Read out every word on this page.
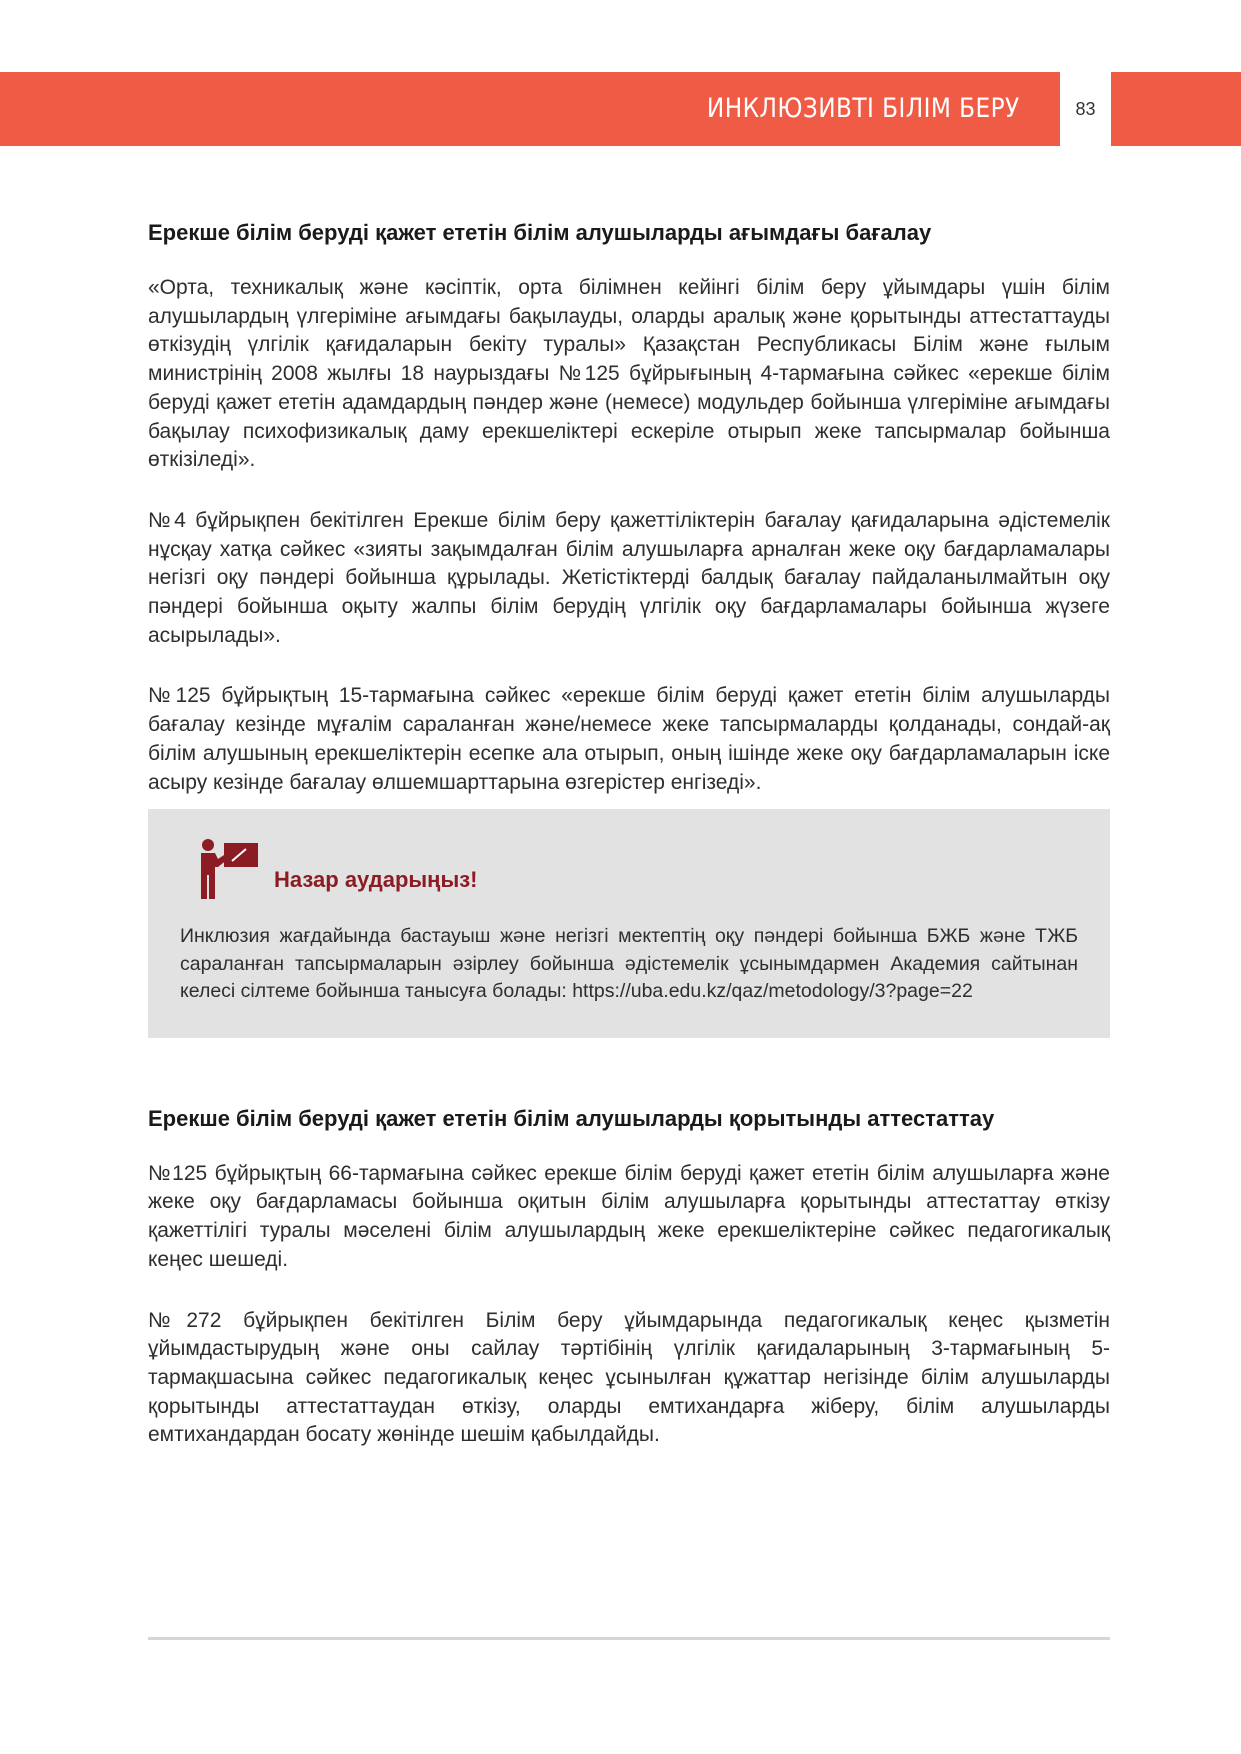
ИНКЛЮЗИВТІ БІЛІМ БЕРУ	83
Ерекше білім беруді қажет ететін білім алушыларды ағымдағы бағалау

«Орта, техникалық және кәсіптік, орта білімнен кейінгі білім беру ұйымдары үшін білім алушылардың үлгеріміне ағымдағы бақылауды, оларды аралық және қорытынды аттестаттауды өткізудің үлгілік қағидаларын бекіту туралы» Қазақстан Республикасы Білім және ғылым министрінің 2008 жылғы 18 наурыздағы №125 бұйрығының 4-тармағына сәйкес «ерекше білім беруді қажет ететін адамдардың пәндер және (немесе) модульдер бойынша үлгеріміне ағымдағы бақылау психофизикалық даму ерекшеліктері ескеріле отырып жеке тапсырмалар бойынша өткізіледі».

№4 бұйрықпен бекітілген Ерекше білім беру қажеттіліктерін бағалау қағидаларына әдістемелік нұсқау хатқа сәйкес «зияты зақымдалған білім алушыларға арналған жеке оқу бағдарламалары негізгі оқу пәндері бойынша құрылады. Жетістіктерді балдық бағалау пайдаланылмайтын оқу пәндері бойынша оқыту жалпы білім берудің үлгілік оқу бағдарламалары бойынша жүзеге асырылады».

№125 бұйрықтың 15-тармағына сәйкес «ерекше білім беруді қажет ететін білім алушыларды бағалау кезінде мұғалім сараланған және/немесе жеке тапсырмаларды қолданады, сондай-ақ білім алушының ерекшеліктерін есепке ала отырып, оның ішінде жеке оқу бағдарламаларын іске асыру кезінде бағалау өлшемшарттарына өзгерістер енгізеді».

Назар аударыңыз!

Инклюзия жағдайында бастауыш және негізгі мектептің оқу пәндері бойынша БЖБ және ТЖБ сараланған тапсырмаларын әзірлеу бойынша әдістемелік ұсынымдармен Академия сайтынан келесі сілтеме бойынша танысуға болады: https://uba.edu.kz/qaz/metodology/3?page=22

Ерекше білім беруді қажет ететін білім алушыларды қорытынды аттестаттау

№125 бұйрықтың 66-тармағына сәйкес ерекше білім беруді қажет ететін білім алушыларға және жеке оқу бағдарламасы бойынша оқитын білім алушыларға қорытынды аттестаттау өткізу қажеттілігі туралы мәселені білім алушылардың жеке ерекшеліктеріне сәйкес педагогикалық кеңес шешеді.

№272 бұйрықпен бекітілген Білім беру ұйымдарында педагогикалық кеңес қызметін ұйымдастырудың және оны сайлау тәртібінің үлгілік қағидаларының 3-тармағының 5-тармақшасына сәйкес педагогикалық кеңес ұсынылған құжаттар негізінде білім алушыларды қорытынды аттестаттаудан өткізу, оларды емтихандарға жіберу, білім алушыларды емтихандардан босату жөнінде шешім қабылдайды.
